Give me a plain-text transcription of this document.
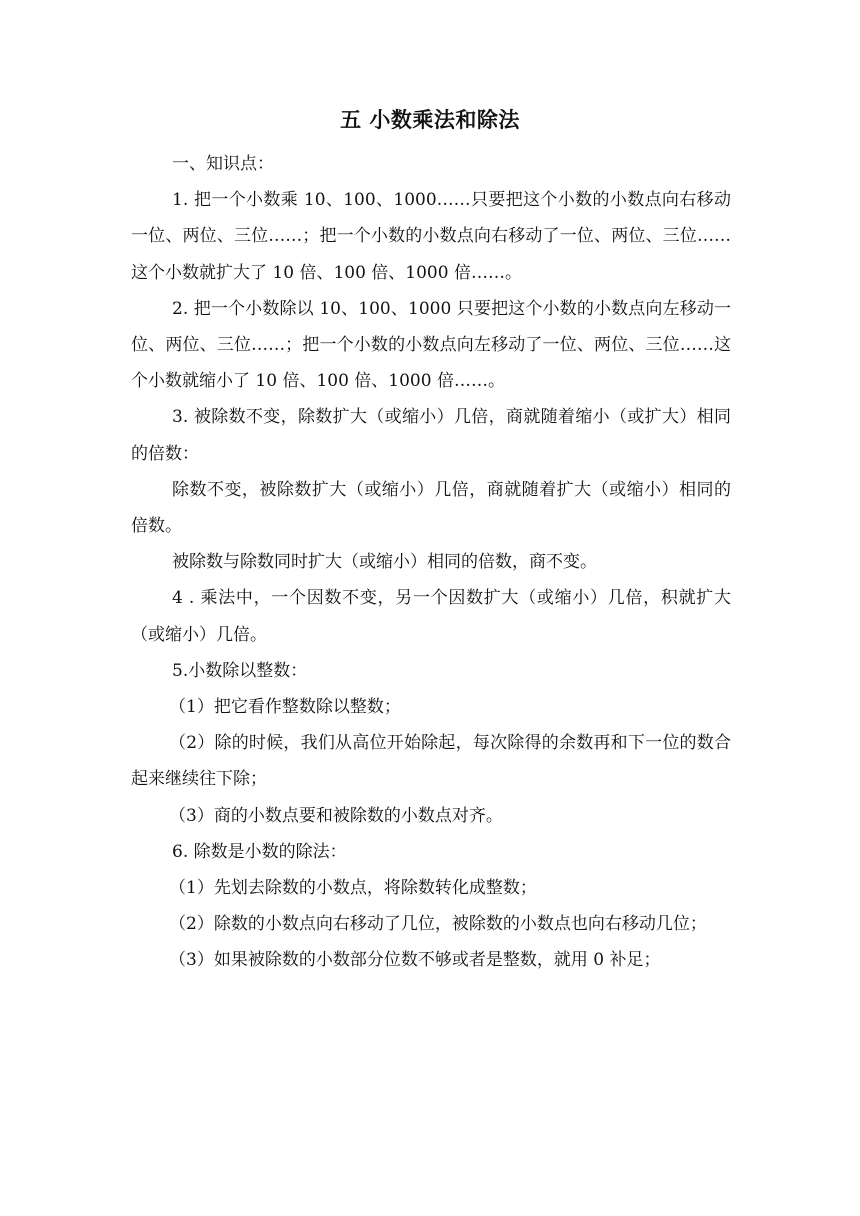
五 小数乘法和除法

一、知识点：

1. 把一个小数乘 10、100、1000……只要把这个小数的小数点向右移动一位、两位、三位……；把一个小数的小数点向右移动了一位、两位、三位……这个小数就扩大了 10 倍、100 倍、1000 倍……。

2. 把一个小数除以 10、100、1000 只要把这个小数的小数点向左移动一位、两位、三位……；把一个小数的小数点向左移动了一位、两位、三位……这个小数就缩小了 10 倍、100 倍、1000 倍……。

3. 被除数不变，除数扩大（或缩小）几倍，商就随着缩小（或扩大）相同的倍数：

除数不变，被除数扩大（或缩小）几倍，商就随着扩大（或缩小）相同的倍数。

被除数与除数同时扩大（或缩小）相同的倍数，商不变。

4 . 乘法中，一个因数不变，另一个因数扩大（或缩小）几倍，积就扩大（或缩小）几倍。

5.小数除以整数：

（1）把它看作整数除以整数；

（2）除的时候，我们从高位开始除起，每次除得的余数再和下一位的数合起来继续往下除；

（3）商的小数点要和被除数的小数点对齐。

6. 除数是小数的除法：

（1）先划去除数的小数点，将除数转化成整数；

（2）除数的小数点向右移动了几位，被除数的小数点也向右移动几位；

（3）如果被除数的小数部分位数不够或者是整数，就用 0 补足；
